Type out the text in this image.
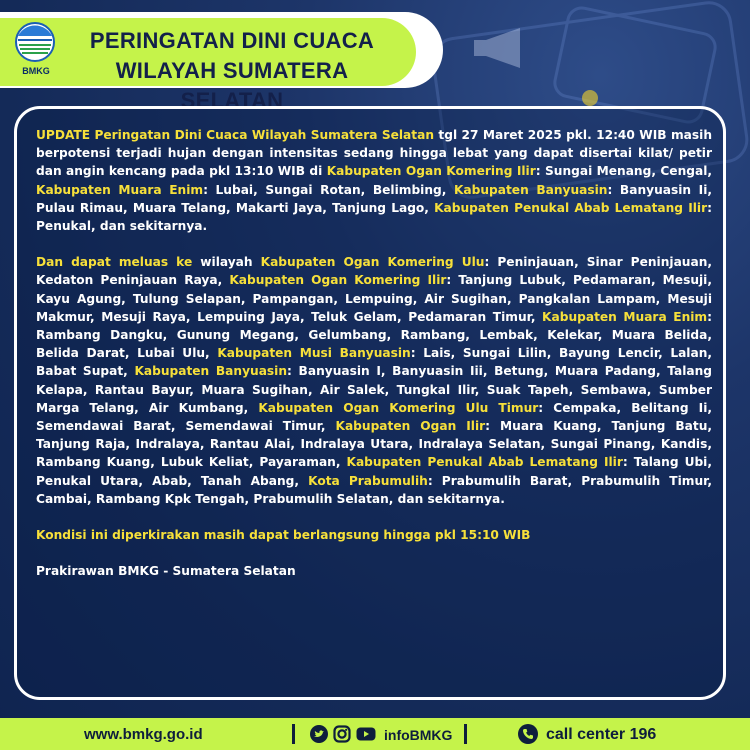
BMKG
PERINGATAN DINI CUACA
WILAYAH SUMATERA SELATAN

UPDATE Peringatan Dini Cuaca Wilayah Sumatera Selatan tgl 27 Maret 2025 pkl. 12:40 WIB masih berpotensi terjadi hujan dengan intensitas sedang hingga lebat yang dapat disertai kilat/ petir dan angin kencang pada pkl 13:10 WIB di Kabupaten Ogan Komering Ilir: Sungai Menang, Cengal, Kabupaten Muara Enim: Lubai, Sungai Rotan, Belimbing, Kabupaten Banyuasin: Banyuasin Ii, Pulau Rimau, Muara Telang, Makarti Jaya, Tanjung Lago, Kabupaten Penukal Abab Lematang Ilir: Penukal, dan sekitarnya.

Dan dapat meluas ke wilayah Kabupaten Ogan Komering Ulu: Peninjauan, Sinar Peninjauan, Kedaton Peninjauan Raya, Kabupaten Ogan Komering Ilir: Tanjung Lubuk, Pedamaran, Mesuji, Kayu Agung, Tulung Selapan, Pampangan, Lempuing, Air Sugihan, Pangkalan Lampam, Mesuji Makmur, Mesuji Raya, Lempuing Jaya, Teluk Gelam, Pedamaran Timur, Kabupaten Muara Enim: Rambang Dangku, Gunung Megang, Gelumbang, Rambang, Lembak, Kelekar, Muara Belida, Belida Darat, Lubai Ulu, Kabupaten Musi Banyuasin: Lais, Sungai Lilin, Bayung Lencir, Lalan, Babat Supat, Kabupaten Banyuasin: Banyuasin I, Banyuasin Iii, Betung, Muara Padang, Talang Kelapa, Rantau Bayur, Muara Sugihan, Air Salek, Tungkal Ilir, Suak Tapeh, Sembawa, Sumber Marga Telang, Air Kumbang, Kabupaten Ogan Komering Ulu Timur: Cempaka, Belitang Ii, Semendawai Barat, Semendawai Timur, Kabupaten Ogan Ilir: Muara Kuang, Tanjung Batu, Tanjung Raja, Indralaya, Rantau Alai, Indralaya Utara, Indralaya Selatan, Sungai Pinang, Kandis, Rambang Kuang, Lubuk Keliat, Payaraman, Kabupaten Penukal Abab Lematang Ilir: Talang Ubi, Penukal Utara, Abab, Tanah Abang, Kota Prabumulih: Prabumulih Barat, Prabumulih Timur, Cambai, Rambang Kpk Tengah, Prabumulih Selatan, dan sekitarnya.

Kondisi ini diperkirakan masih dapat berlangsung hingga pkl 15:10 WIB

Prakirawan BMKG - Sumatera Selatan

www.bmkg.go.id	infoBMKG	call center 196
